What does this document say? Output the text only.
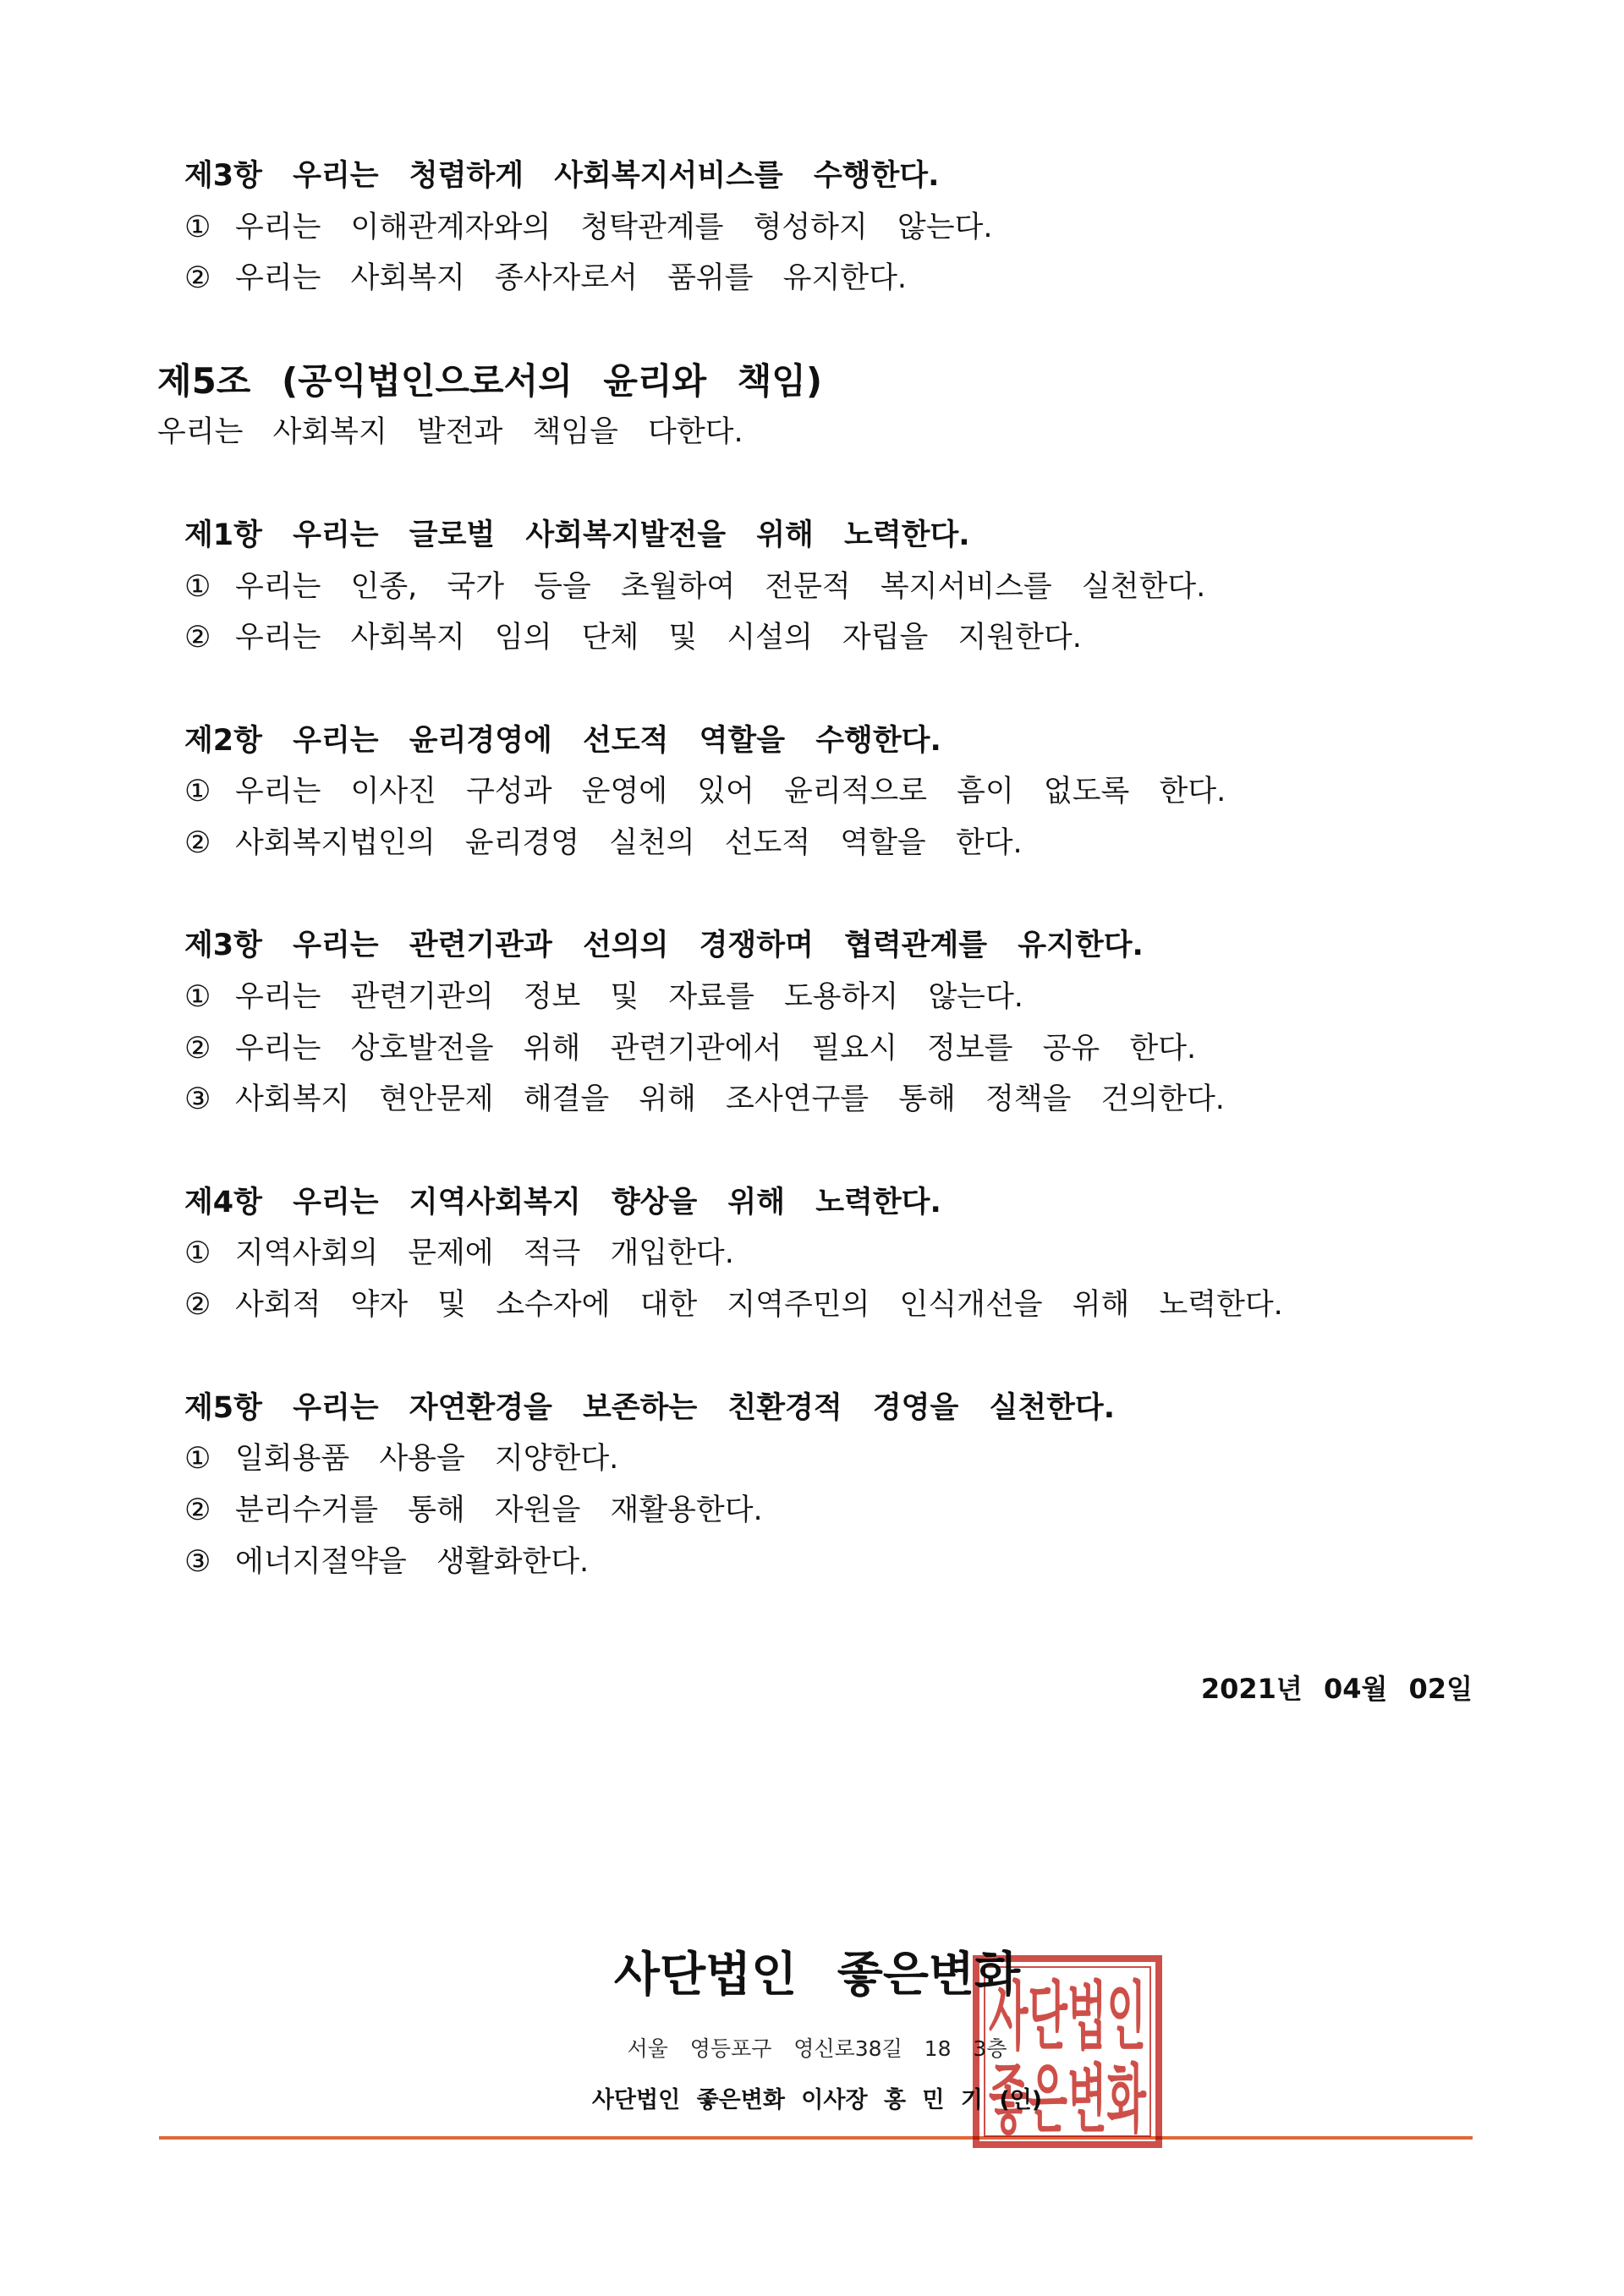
제3항 우리는 청렴하게 사회복지서비스를 수행한다.
① 우리는 이해관계자와의 청탁관계를 형성하지 않는다.
② 우리는 사회복지 종사자로서 품위를 유지한다.
제5조 (공익법인으로서의 윤리와 책임)
우리는 사회복지 발전과 책임을 다한다.
제1항 우리는 글로벌 사회복지발전을 위해 노력한다.
① 우리는 인종, 국가 등을 초월하여 전문적 복지서비스를 실천한다.
② 우리는 사회복지 임의 단체 및 시설의 자립을 지원한다.
제2항 우리는 윤리경영에 선도적 역할을 수행한다.
① 우리는 이사진 구성과 운영에 있어 윤리적으로 흠이 없도록 한다.
② 사회복지법인의 윤리경영 실천의 선도적 역할을 한다.
제3항 우리는 관련기관과 선의의 경쟁하며 협력관계를 유지한다.
① 우리는 관련기관의 정보 및 자료를 도용하지 않는다.
② 우리는 상호발전을 위해 관련기관에서 필요시 정보를 공유 한다.
③ 사회복지 현안문제 해결을 위해 조사연구를 통해 정책을 건의한다.
제4항 우리는 지역사회복지 향상을 위해 노력한다.
① 지역사회의 문제에 적극 개입한다.
② 사회적 약자 및 소수자에 대한 지역주민의 인식개선을 위해 노력한다.
제5항 우리는 자연환경을 보존하는 친환경적 경영을 실천한다.
① 일회용품 사용을 지양한다.
② 분리수거를 통해 자원을 재활용한다.
③ 에너지절약을 생활화한다.
2021년 04월 02일
사단법인 좋은변화
서울 영등포구 영신로38길 18 3층
사단법인 좋은변화 이사장 홍 민 기 (인)
사단법인
좋은변화
